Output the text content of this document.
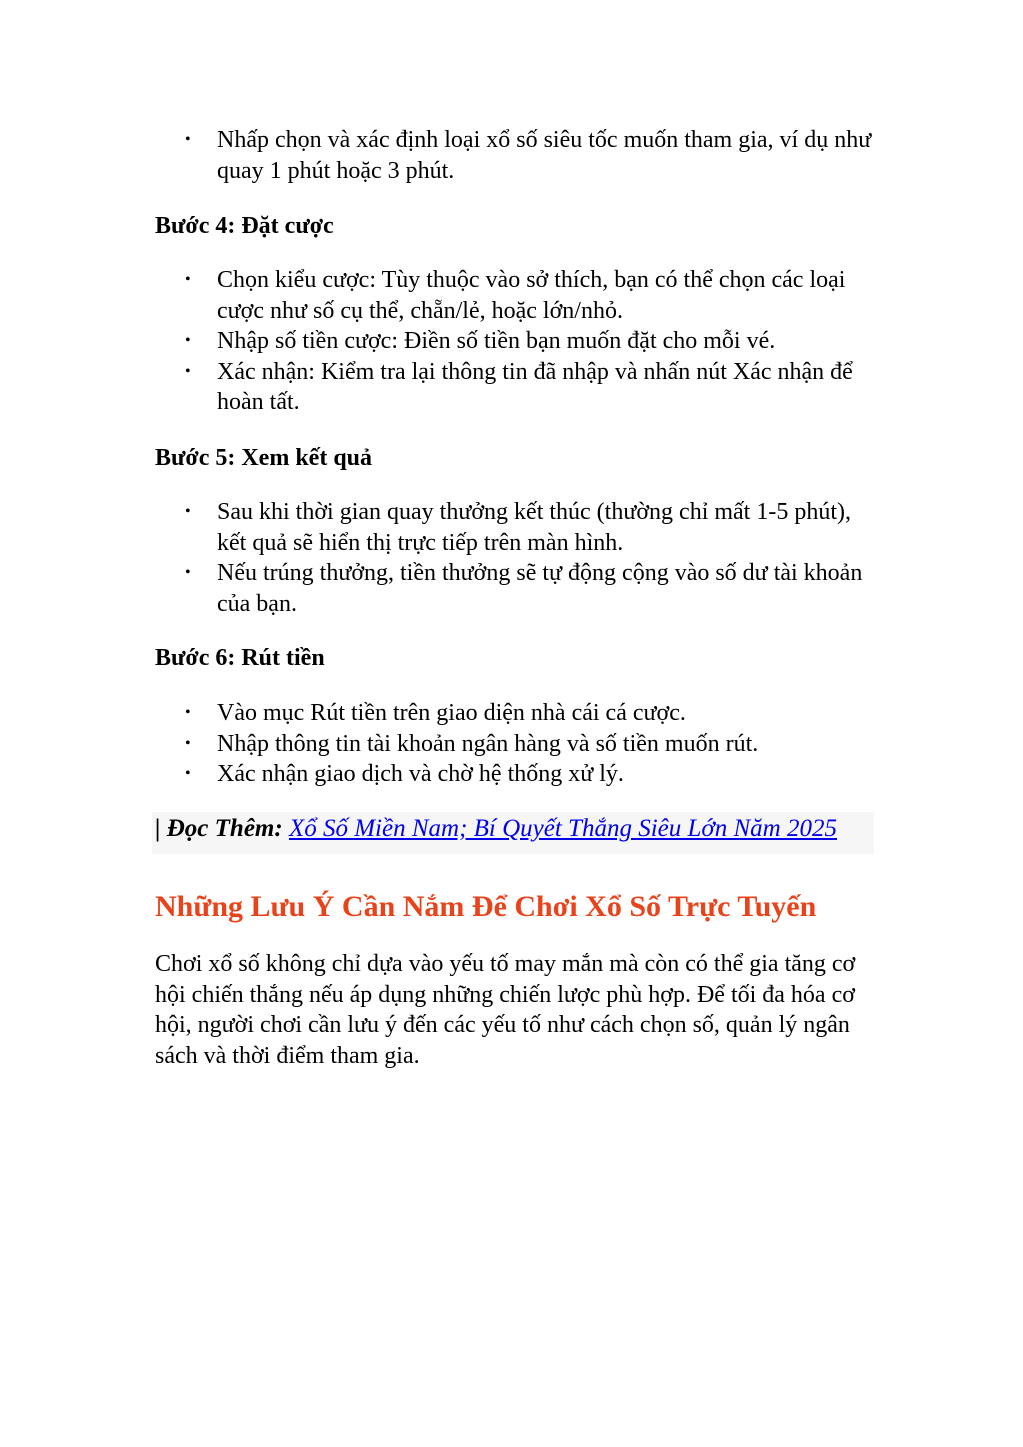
• Nhấp chọn và xác định loại xổ số siêu tốc muốn tham gia, ví dụ như quay 1 phút hoặc 3 phút.
Bước 4: Đặt cược
• Chọn kiểu cược: Tùy thuộc vào sở thích, bạn có thể chọn các loại cược như số cụ thể, chẵn/lẻ, hoặc lớn/nhỏ.
• Nhập số tiền cược: Điền số tiền bạn muốn đặt cho mỗi vé.
• Xác nhận: Kiểm tra lại thông tin đã nhập và nhấn nút Xác nhận để hoàn tất.
Bước 5: Xem kết quả
• Sau khi thời gian quay thưởng kết thúc (thường chỉ mất 1-5 phút), kết quả sẽ hiển thị trực tiếp trên màn hình.
• Nếu trúng thưởng, tiền thưởng sẽ tự động cộng vào số dư tài khoản của bạn.
Bước 6: Rút tiền
• Vào mục Rút tiền trên giao diện nhà cái cá cược.
• Nhập thông tin tài khoản ngân hàng và số tiền muốn rút.
• Xác nhận giao dịch và chờ hệ thống xử lý.
| Đọc Thêm: Xổ Số Miền Nam; Bí Quyết Thắng Siêu Lớn Năm 2025
Những Lưu Ý Cần Nắm Để Chơi Xổ Số Trực Tuyến

Chơi xổ số không chỉ dựa vào yếu tố may mắn mà còn có thể gia tăng cơ hội chiến thắng nếu áp dụng những chiến lược phù hợp. Để tối đa hóa cơ hội, người chơi cần lưu ý đến các yếu tố như cách chọn số, quản lý ngân sách và thời điểm tham gia.
